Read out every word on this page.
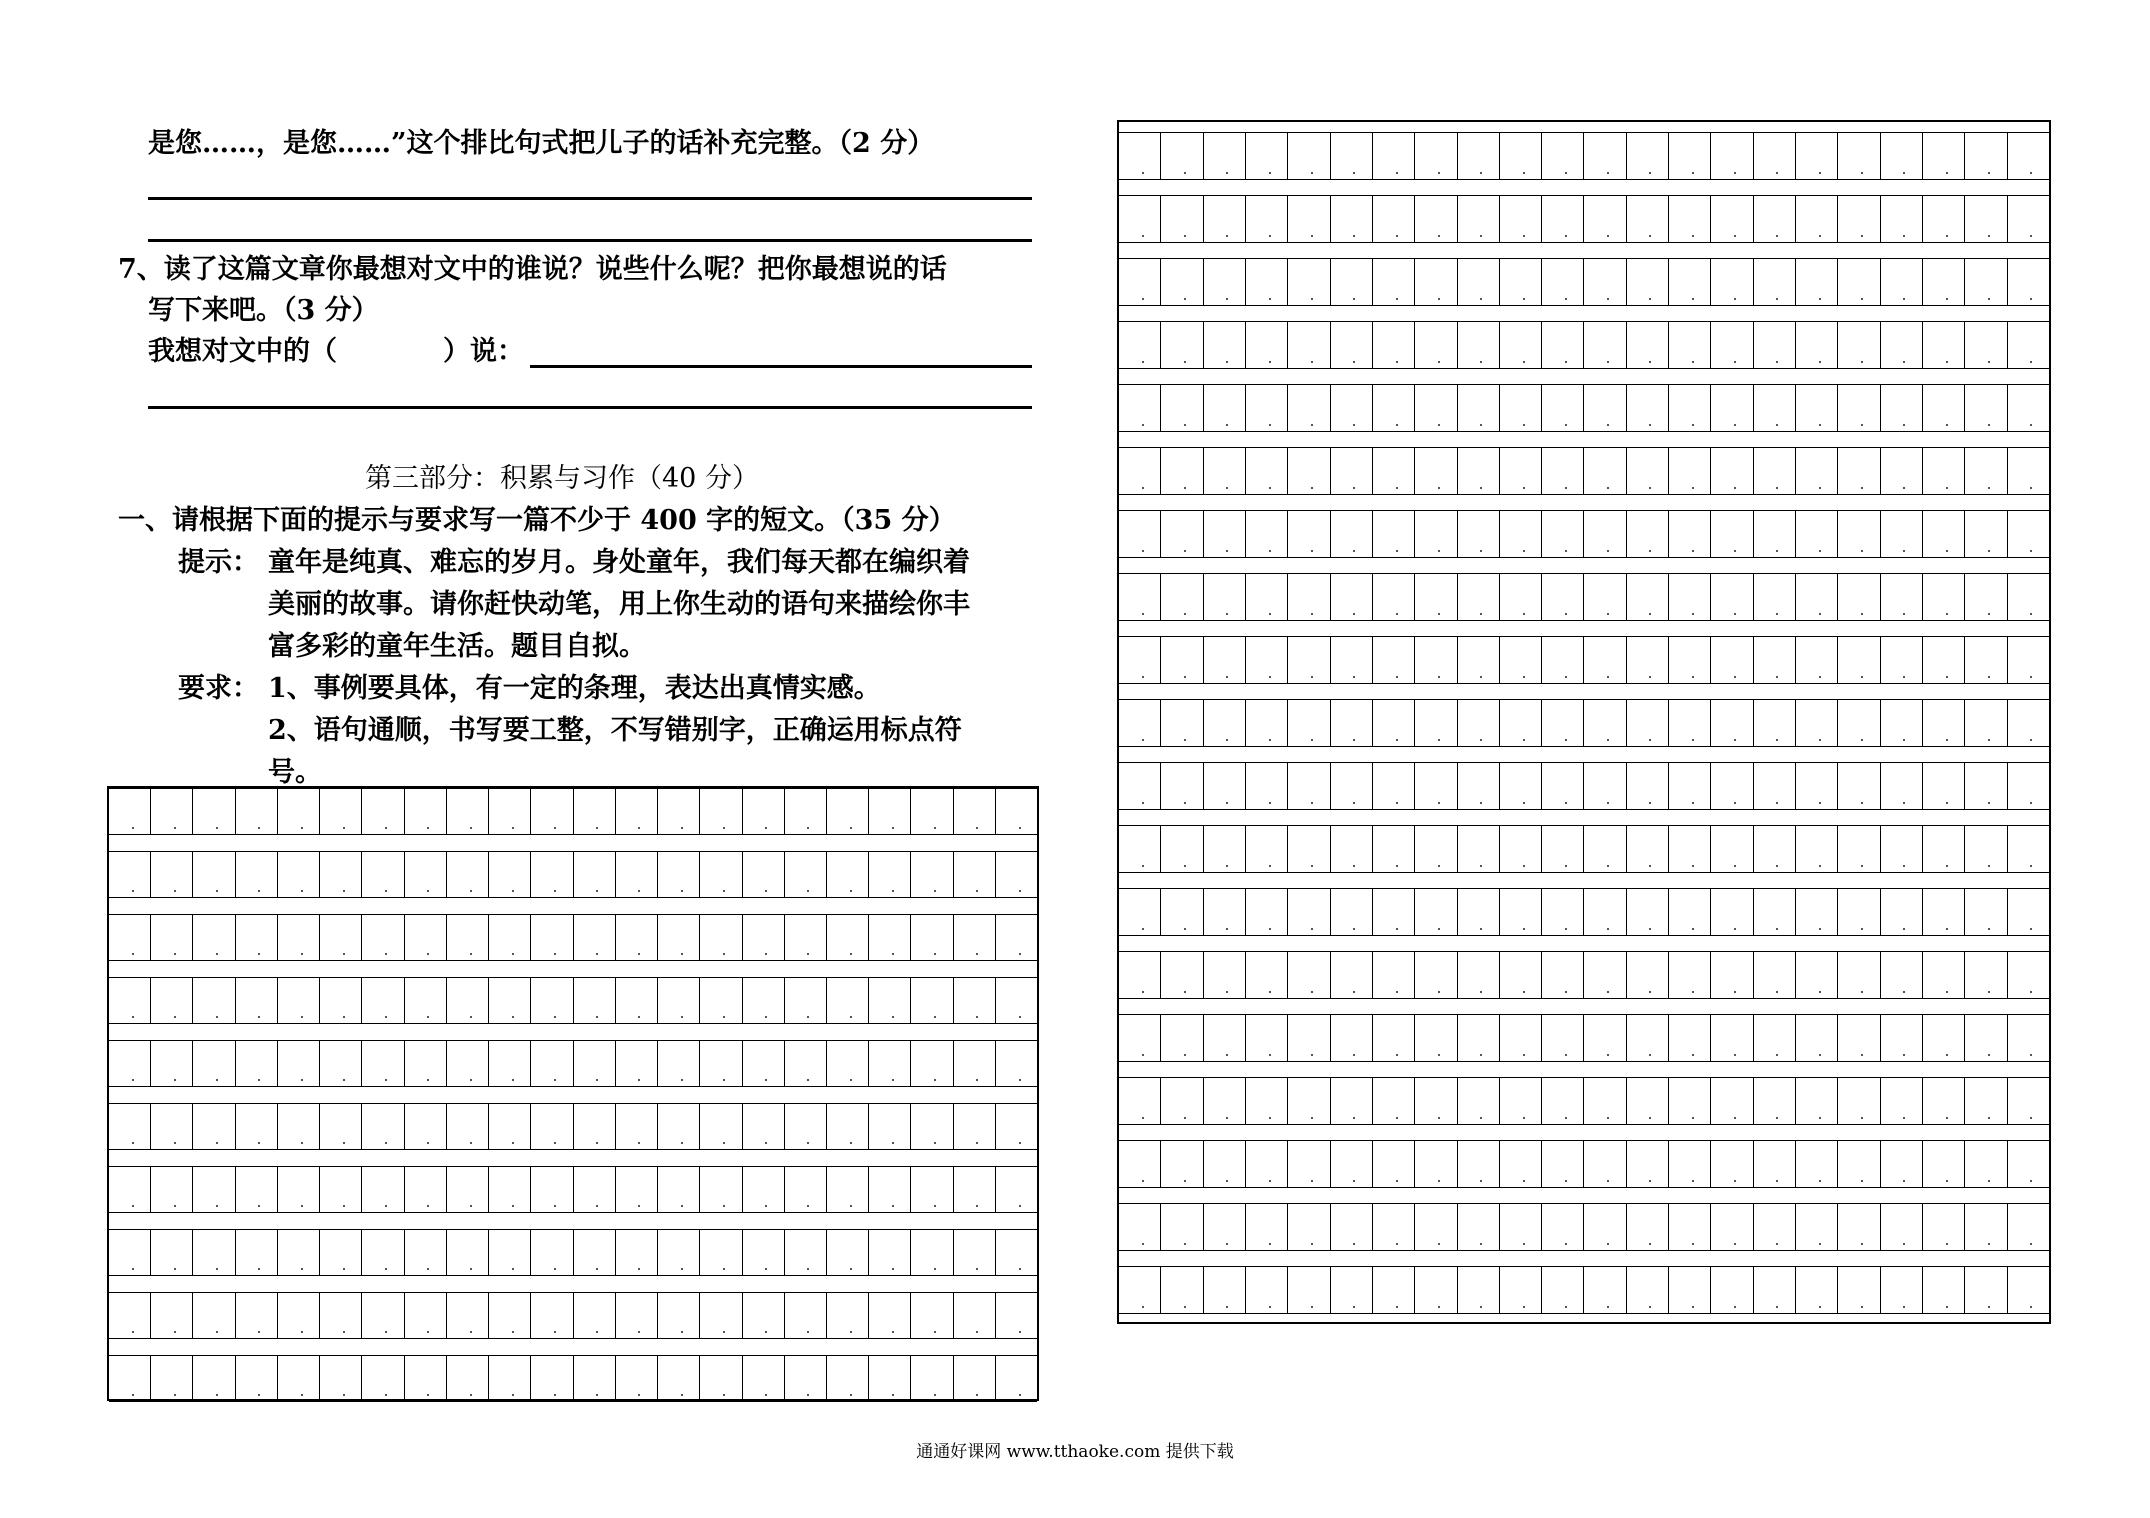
是您……，是您……”这个排比句式把儿子的话补充完整。（2 分）
7、读了这篇文章你最想对文中的谁说？说些什么呢？把你最想说的话
写下来吧。（3 分）
我想对文中的（	）说：
第三部分：积累与习作（40 分）
一、请根据下面的提示与要求写一篇不少于 400 字的短文。（35 分）
提示： 童年是纯真、难忘的岁月。身处童年，我们每天都在编织着
美丽的故事。请你赶快动笔，用上你生动的语句来描绘你丰
富多彩的童年生活。题目自拟。
要求： 1、事例要具体，有一定的条理，表达出真情实感。
2、语句通顺，书写要工整，不写错别字，正确运用标点符
号。
通通好课网 www.tthaoke.com 提供下载
